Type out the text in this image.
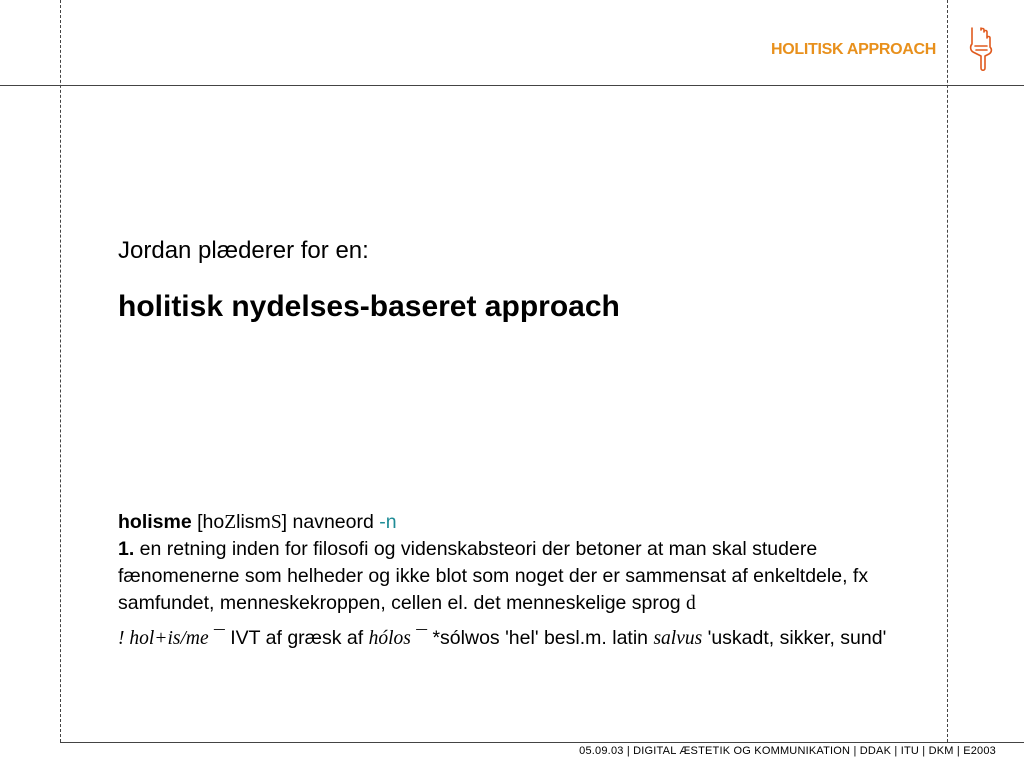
HOLITISK APPROACH
Jordan plæderer for en:
holitisk nydelses-baseret approach
holisme [hoZlismS] navneord -n
1. en retning inden for filosofi og videnskabsteori der betoner at man skal studere fænomenerne som helheder og ikke blot som noget der er sammensat af enkeltdele, fx samfundet, menneskekroppen, cellen el. det menneskelige sprog d
! hol+is/me ¯ IVT af græsk af hólos ¯ *sólwos 'hel' besl.m. latin salvus 'uskadt, sikker, sund'
05.09.03 | DIGITAL ÆSTETIK OG KOMMUNIKATION | DDAK | ITU | DKM | E2003
